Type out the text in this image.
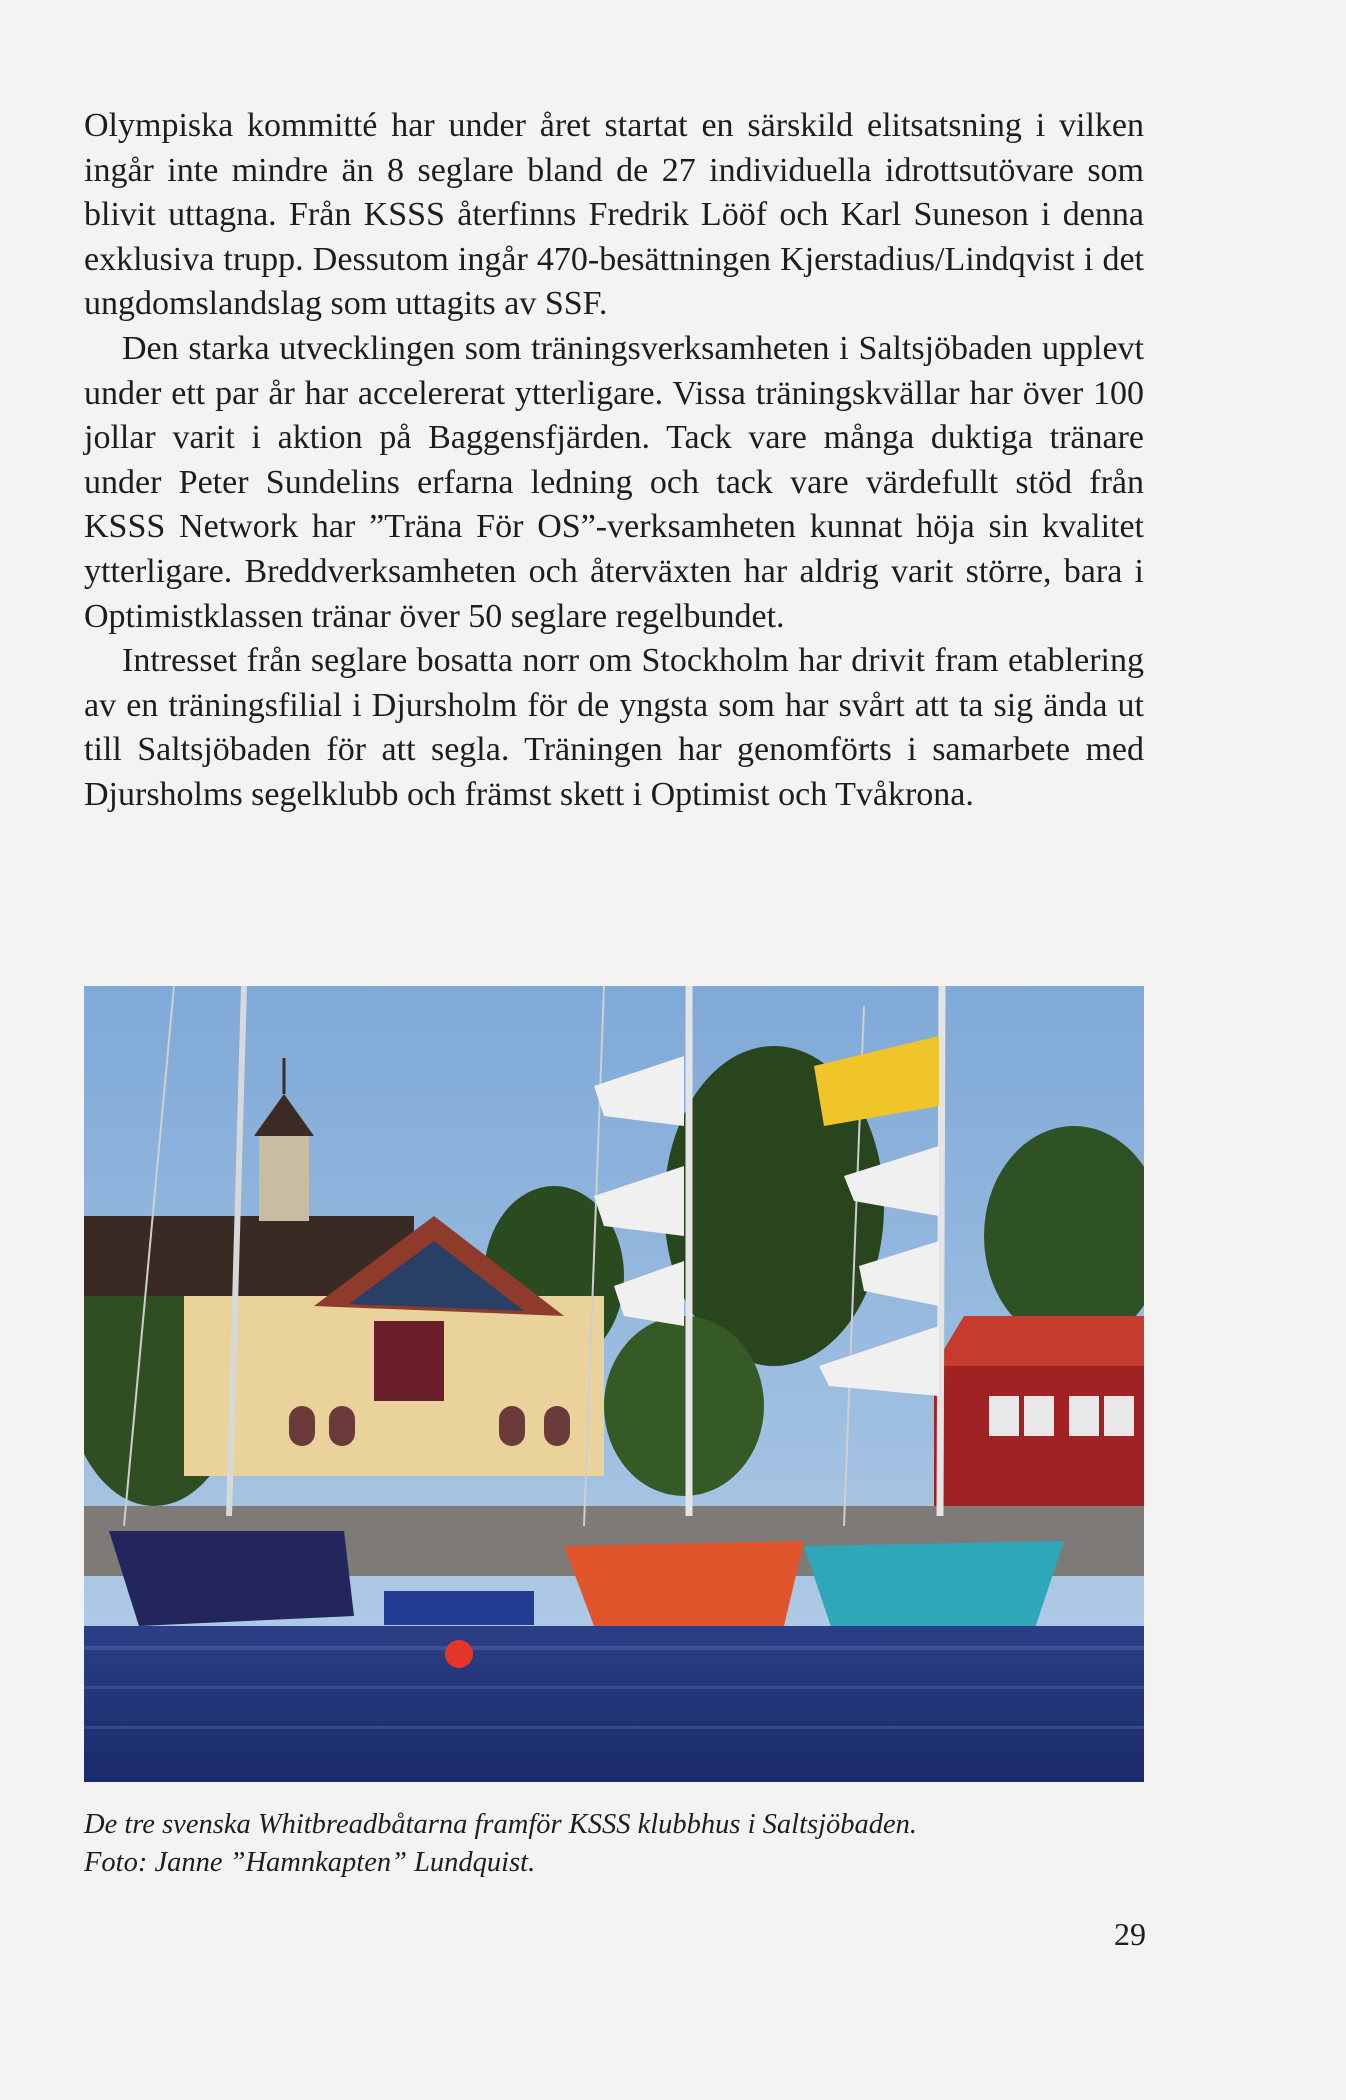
Olympiska kommitté har under året startat en särskild elitsatsning i vilken ingår inte mindre än 8 seglare bland de 27 individuella idrottsutövare som blivit uttagna. Från KSSS återfinns Fredrik Lööf och Karl Suneson i denna exklusiva trupp. Dessutom ingår 470-besättningen Kjerstadius/Lindqvist i det ungdomslandslag som uttagits av SSF.

Den starka utvecklingen som träningsverksamheten i Saltsjöbaden upplevt under ett par år har accelererat ytterligare. Vissa träningskvällar har över 100 jollar varit i aktion på Baggensfjärden. Tack vare många duktiga tränare under Peter Sundelins erfarna ledning och tack vare värdefullt stöd från KSSS Network har ”Träna För OS”-verksamheten kunnat höja sin kvalitet ytterligare. Breddverksamheten och återväxten har aldrig varit större, bara i Optimistklassen tränar över 50 seglare regelbundet.

Intresset från seglare bosatta norr om Stockholm har drivit fram etablering av en träningsfilial i Djursholm för de yngsta som har svårt att ta sig ända ut till Saltsjöbaden för att segla. Träningen har genomförts i samarbete med Djursholms segelklubb och främst skett i Optimist och Tvåkrona.

De tre svenska Whitbreadbåtarna framför KSSS klubbhus i Saltsjöbaden.
Foto: Janne ”Hamnkapten” Lundquist.
29
